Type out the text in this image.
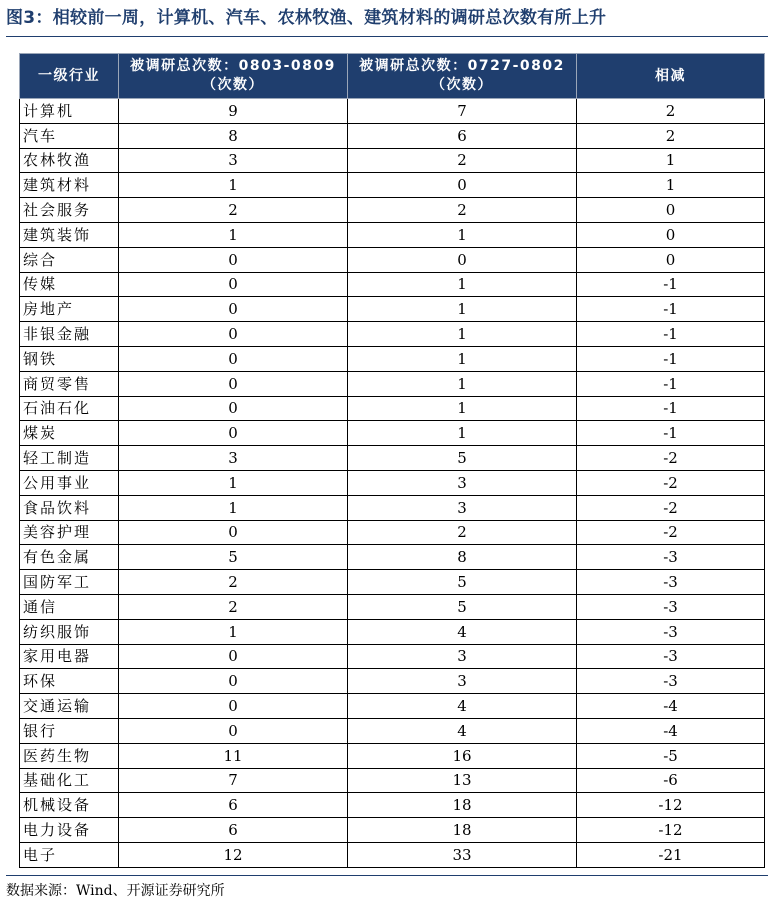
图3：相较前一周，计算机、汽车、农林牧渔、建筑材料的调研总次数有所上升
一级行业	被调研总次数：0803-0809（次数）	被调研总次数：0727-0802（次数）	相减
计算机	9	7	2
汽车	8	6	2
农林牧渔	3	2	1
建筑材料	1	0	1
社会服务	2	2	0
建筑装饰	1	1	0
综合	0	0	0
传媒	0	1	-1
房地产	0	1	-1
非银金融	0	1	-1
钢铁	0	1	-1
商贸零售	0	1	-1
石油石化	0	1	-1
煤炭	0	1	-1
轻工制造	3	5	-2
公用事业	1	3	-2
食品饮料	1	3	-2
美容护理	0	2	-2
有色金属	5	8	-3
国防军工	2	5	-3
通信	2	5	-3
纺织服饰	1	4	-3
家用电器	0	3	-3
环保	0	3	-3
交通运输	0	4	-4
银行	0	4	-4
医药生物	11	16	-5
基础化工	7	13	-6
机械设备	6	18	-12
电力设备	6	18	-12
电子	12	33	-21
数据来源：Wind、开源证券研究所
